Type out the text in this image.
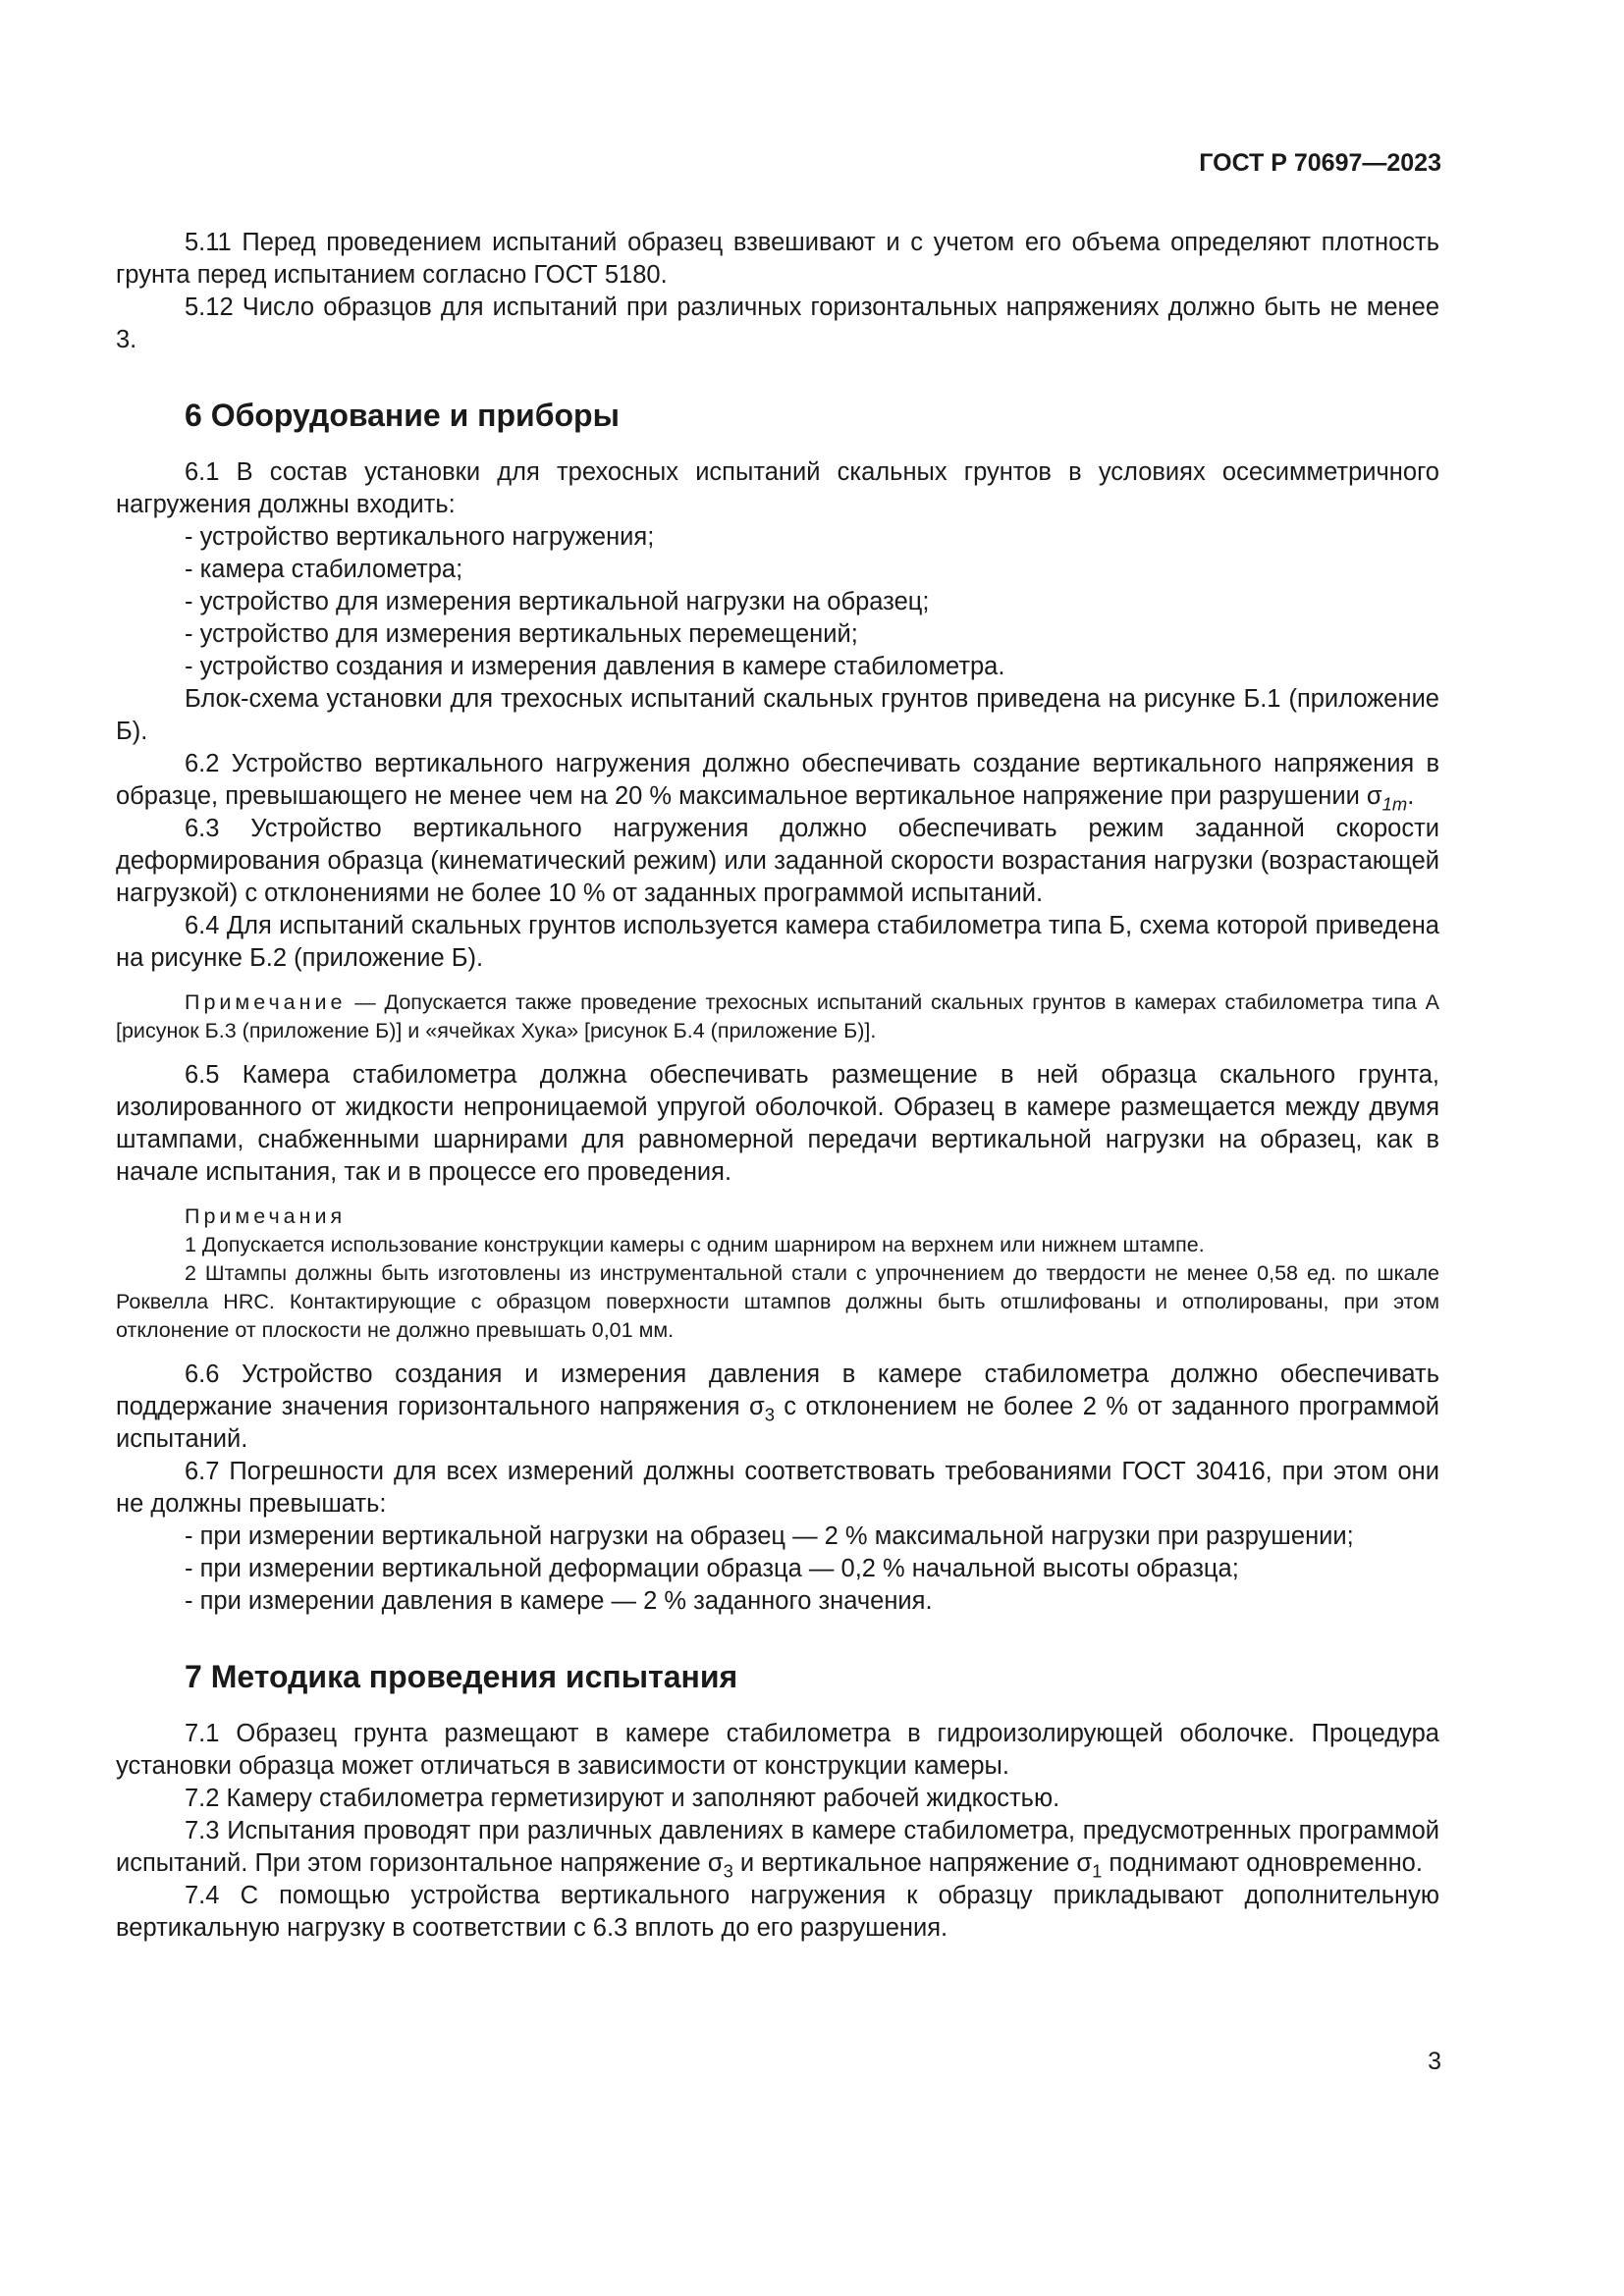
ГОСТ Р 70697—2023

5.11 Перед проведением испытаний образец взвешивают и с учетом его объема определяют плотность грунта перед испытанием согласно ГОСТ 5180.

5.12 Число образцов для испытаний при различных горизонтальных напряжениях должно быть не менее 3.

6 Оборудование и приборы

6.1 В состав установки для трехосных испытаний скальных грунтов в условиях осесимметричного нагружения должны входить:

- устройство вертикального нагружения;

- камера стабилометра;

- устройство для измерения вертикальной нагрузки на образец;

- устройство для измерения вертикальных перемещений;

- устройство создания и измерения давления в камере стабилометра.

Блок-схема установки для трехосных испытаний скальных грунтов приведена на рисунке Б.1 (приложение Б).

6.2 Устройство вертикального нагружения должно обеспечивать создание вертикального напряжения в образце, превышающего не менее чем на 20 % максимальное вертикальное напряжение при разрушении $\sigma_{1m}$.

6.3 Устройство вертикального нагружения должно обеспечивать режим заданной скорости деформирования образца (кинематический режим) или заданной скорости возрастания нагрузки (возрастающей нагрузкой) с отклонениями не более 10 % от заданных программой испытаний.

6.4 Для испытаний скальных грунтов используется камера стабилометра типа Б, схема которой приведена на рисунке Б.2 (приложение Б).

Примечание — Допускается также проведение трехосных испытаний скальных грунтов в камерах стабилометра типа А [рисунок Б.3 (приложение Б)] и «ячейках Хука» [рисунок Б.4 (приложение Б)].

6.5 Камера стабилометра должна обеспечивать размещение в ней образца скального грунта, изолированного от жидкости непроницаемой упругой оболочкой. Образец в камере размещается между двумя штампами, снабженными шарнирами для равномерной передачи вертикальной нагрузки на образец, как в начале испытания, так и в процессе его проведения.

Примечания

1 Допускается использование конструкции камеры с одним шарниром на верхнем или нижнем штампе.

2 Штампы должны быть изготовлены из инструментальной стали с упрочнением до твердости не менее 0,58 ед. по шкале Роквелла HRC. Контактирующие с образцом поверхности штампов должны быть отшлифованы и отполированы, при этом отклонение от плоскости не должно превышать 0,01 мм.

6.6 Устройство создания и измерения давления в камере стабилометра должно обеспечивать поддержание значения горизонтального напряжения $\sigma_3$ с отклонением не более 2 % от заданного программой испытаний.

6.7 Погрешности для всех измерений должны соответствовать требованиями ГОСТ 30416, при этом они не должны превышать:

- при измерении вертикальной нагрузки на образец — 2 % максимальной нагрузки при разрушении;

- при измерении вертикальной деформации образца — 0,2 % начальной высоты образца;

- при измерении давления в камере — 2 % заданного значения.

7 Методика проведения испытания

7.1 Образец грунта размещают в камере стабилометра в гидроизолирующей оболочке. Процедура установки образца может отличаться в зависимости от конструкции камеры.

7.2 Камеру стабилометра герметизируют и заполняют рабочей жидкостью.

7.3 Испытания проводят при различных давлениях в камере стабилометра, предусмотренных программой испытаний. При этом горизонтальное напряжение $\sigma_3$ и вертикальное напряжение $\sigma_1$ поднимают одновременно.

7.4 С помощью устройства вертикального нагружения к образцу прикладывают дополнительную вертикальную нагрузку в соответствии с 6.3 вплоть до его разрушения.

3
